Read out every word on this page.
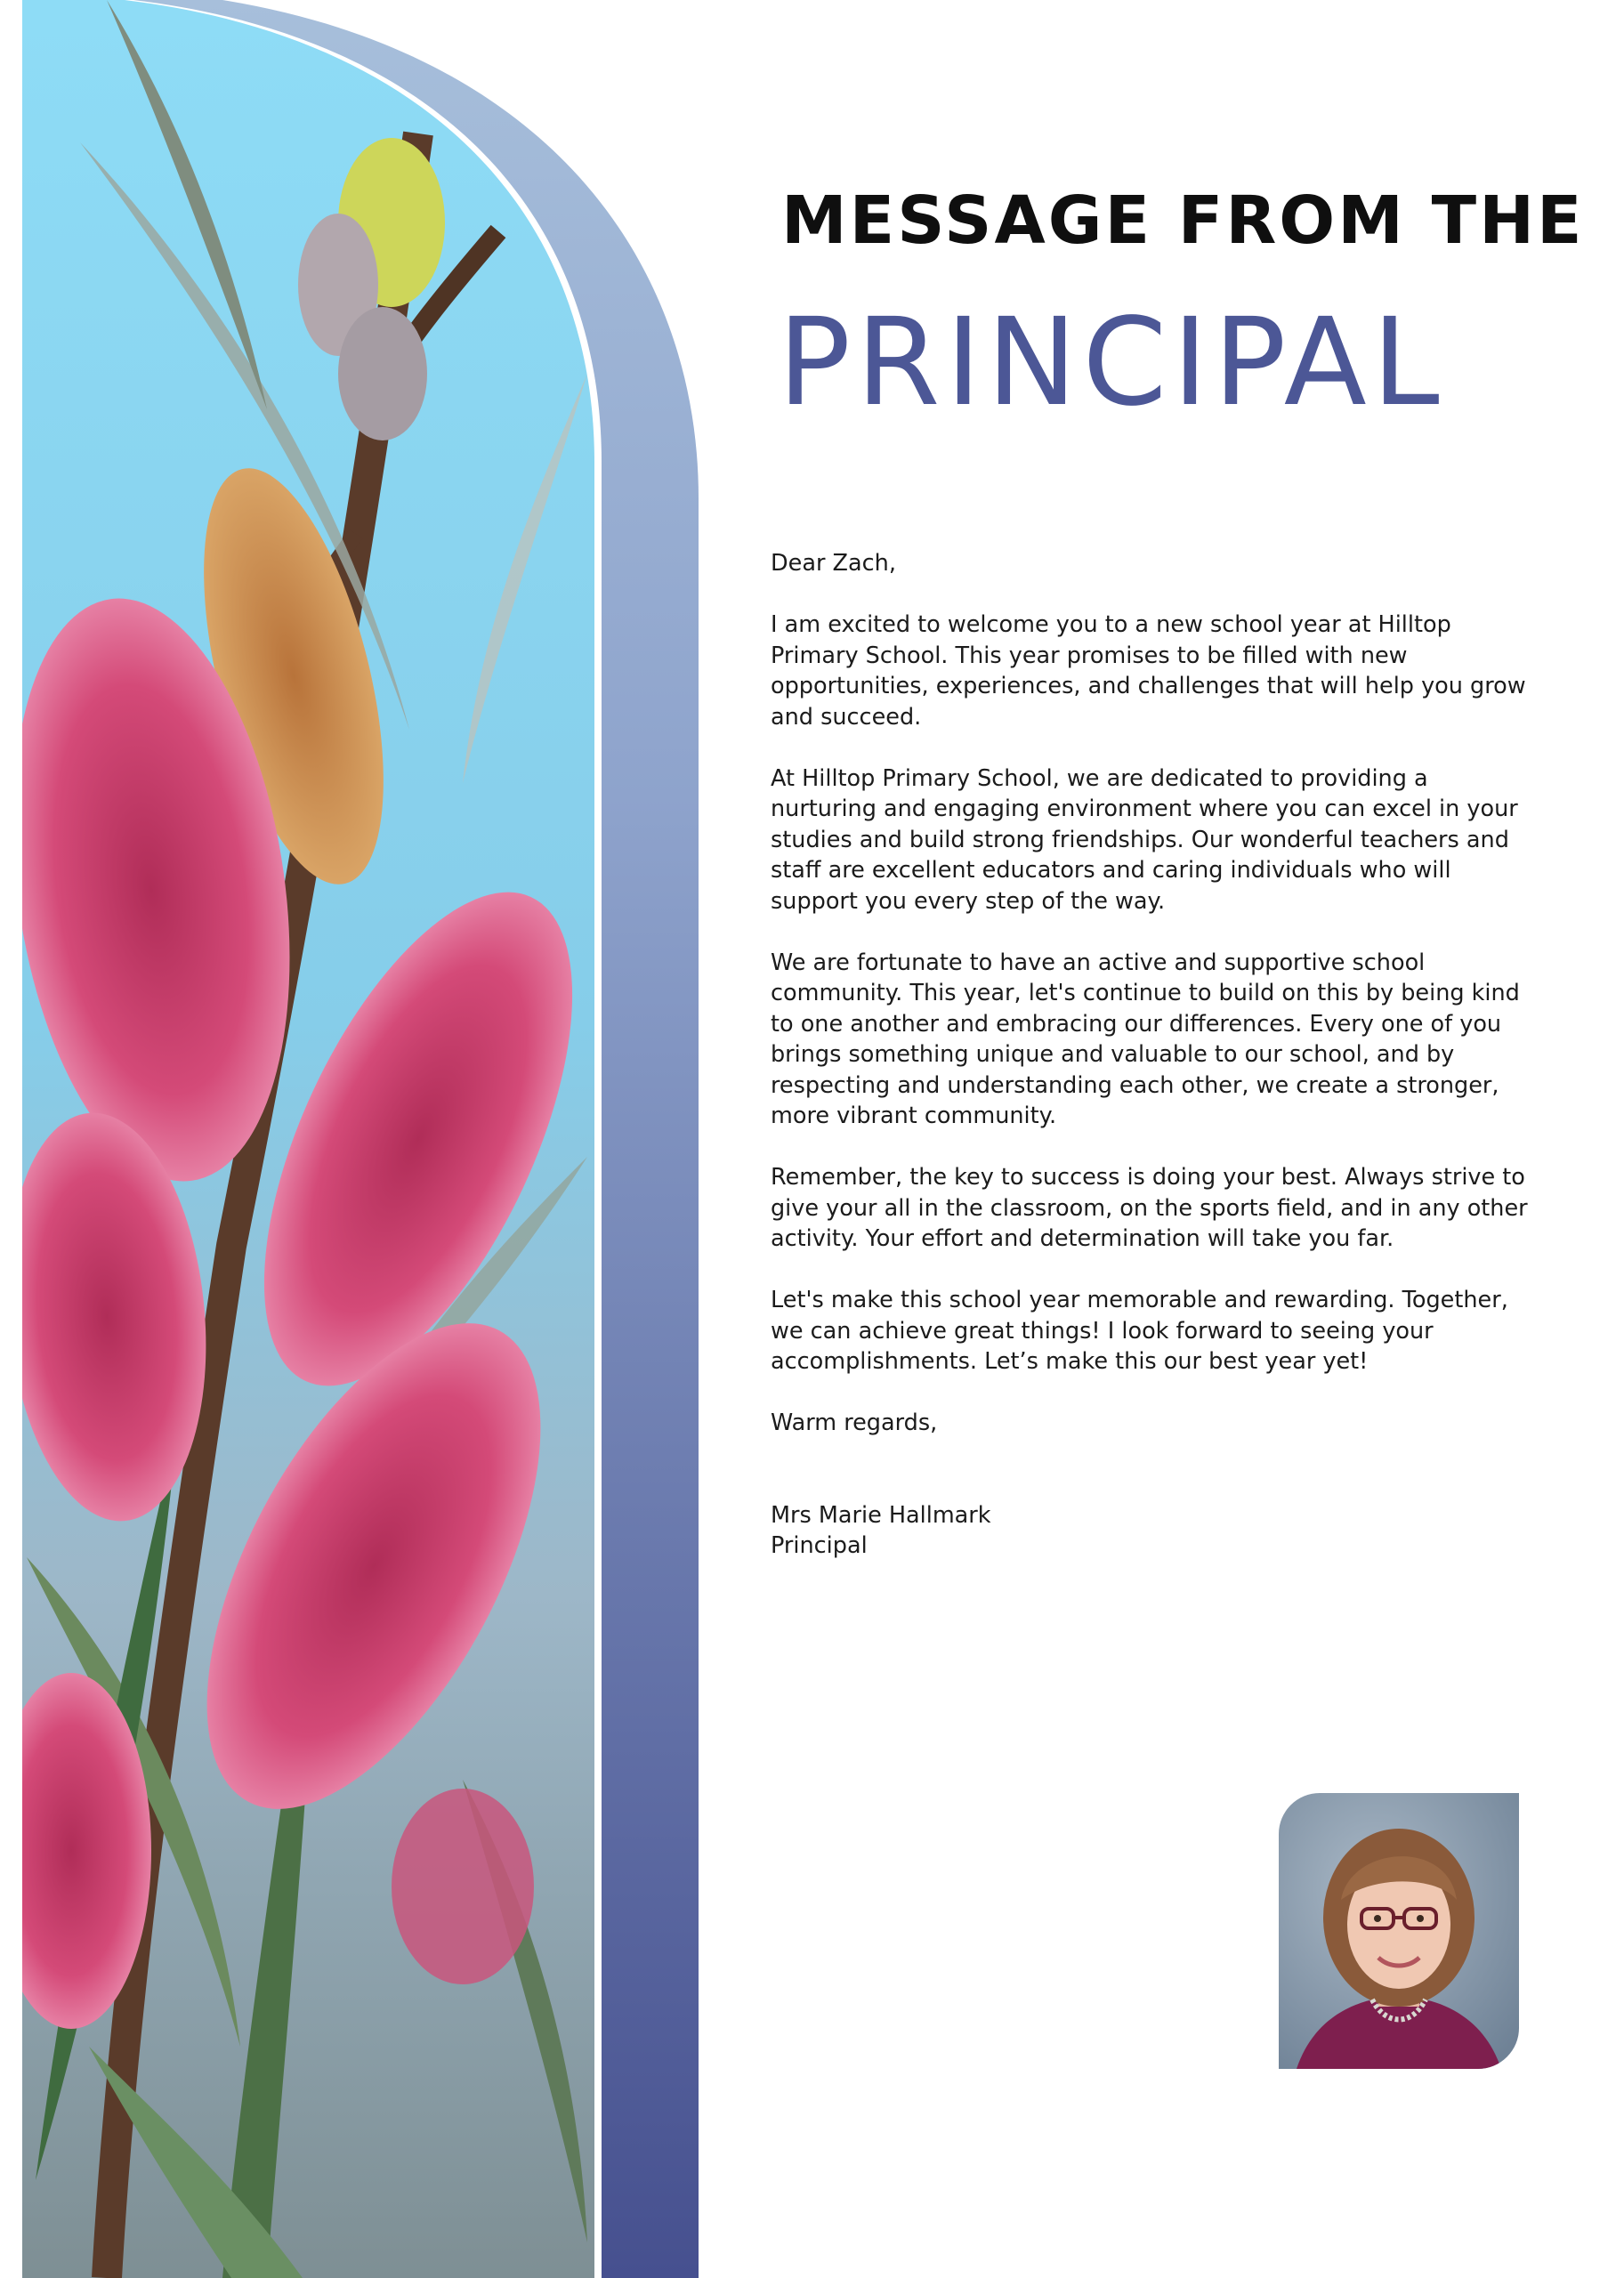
MESSAGE FROM THE
PRINCIPAL

Dear Zach,

I am excited to welcome you to a new school year at Hilltop Primary School. This year promises to be filled with new opportunities, experiences, and challenges that will help you grow and succeed.

At Hilltop Primary School, we are dedicated to providing a nurturing and engaging environment where you can excel in your studies and build strong friendships. Our wonderful teachers and staff are excellent educators and caring individuals who will support you every step of the way.

We are fortunate to have an active and supportive school community. This year, let's continue to build on this by being kind to one another and embracing our differences. Every one of you brings something unique and valuable to our school, and by respecting and understanding each other, we create a stronger, more vibrant community.

Remember, the key to success is doing your best. Always strive to give your all in the classroom, on the sports field, and in any other activity. Your effort and determination will take you far.

Let's make this school year memorable and rewarding. Together, we can achieve great things! I look forward to seeing your accomplishments. Let’s make this our best year yet!

Warm regards,

Mrs Marie Hallmark
Principal
